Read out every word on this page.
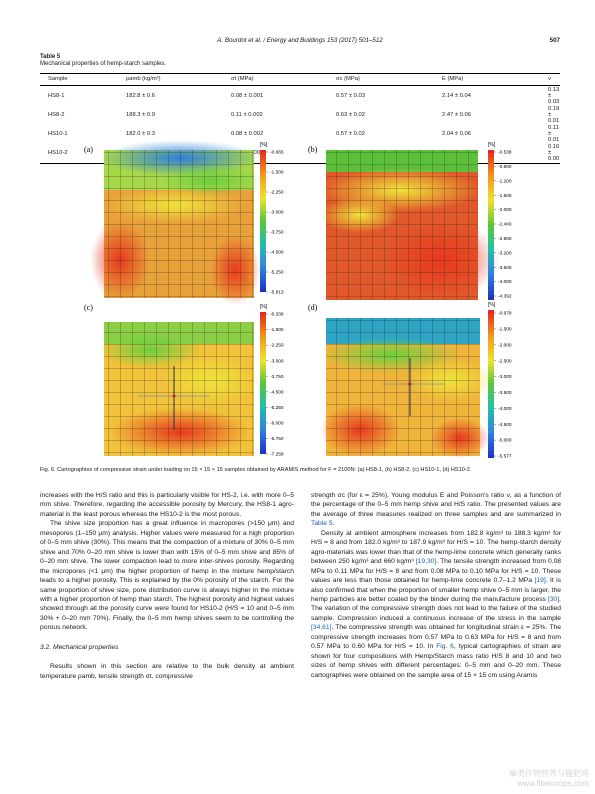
A. Bourdot et al. / Energy and Buildings 153 (2017) 501–512	507
Table 5
Mechanical properties of hemp-starch samples.
Sample	ρamb (kg/m³)	σt (MPa)	σc (MPa)	E (MPa)	ν
HS8-1	182.8 ± 0.6	0.08 ± 0.001	0.57 ± 0.03	2.14 ± 0.04	0.13 ± 0.03
HS8-2	188.3 ± 0.9	0.11 ± 0.002	0.63 ± 0.02	2.47 ± 0.06	0.19 ± 0.01
HS10-1	182.0 ± 0.3	0.08 ± 0.002	0.57 ± 0.02	2.04 ± 0.06	0.11 ± 0.01
HS10-2					0.16 ± 0.00
(a)	[%]
-0.665
-1.500
-2.250
-3.000
-3.750
-4.500
-5.250
-5.813
(b)	[%]
-0.538
-0.800
-1.200
-1.600
-2.000
-2.400
-2.800
-3.200
-3.600
-4.000
-4.392
(c)	[%]
-0.336
-1.500
-2.250
-3.000
-3.750
-4.500
-5.250
-6.000
-6.750
-7.258
(d)	[%]
-0.978
-1.500
-2.000
-2.500
-3.000
-3.500
-4.000
-4.500
-5.000
-5.577
Fig. 6. Cartographies of compressive strain under loading on 15 × 15 × 15 samples obtained by ARAMIS method for F = 2100N: (a) HS8-1, (b) HS8-2, (c) HS10-1, (d) HS10-2.

increases with the H/S ratio and this is particularly visible for HS-2, i.e. with more 0–5 mm shive. Therefore, regarding the accessible porosity by Mercury, the HS8-1 agro-material is the least porous whereas the HS10-2 is the most porous.

The shive size proportion has a great influence in macropores (>150 μm) and mesopores (1–150 μm) analysis. Higher values were measured for a high proportion of 0–5 mm shive (30%). This means that the compaction of a mixture of 30% 0–5 mm shive and 70% 0–20 mm shive is lower than with 15% of 0–5 mm shive and 85% of 0–20 mm shive. The lower compaction lead to more inter-shives porosity. Regarding the micropores (<1 μm) the higher proportion of hemp in the mixture hemp/starch leads to a higher porosity. This is explained by the 0% porosity of the starch. For the same proportion of shive size, pore distribution curve is always higher in the mixture with a higher proportion of hemp than starch. The highest porosity and highest values showed through all the porosity curve were found for HS10-2 (H/S = 10 and 0–5 mm 30% + 0–20 mm 70%). Finally, the 0–5 mm hemp shives seem to be controlling the porous network.

3.2. Mechanical properties

Results shown in this section are relative to the bulk density at ambient temperature ρamb, tensile strength σt, compressive

strength σc (for ε = 25%), Young modulus E and Poisson's ratio ν, as a function of the percentage of the 0–5 mm hemp shive and H/S ratio. The presented values are the average of three measures realized on three samples and are summarized in Table 5.

Density at ambient atmosphere increases from 182.8 kg/m³ to 188.3 kg/m³ for H/S = 8 and from 182.0 kg/m³ to 187.9 kg/m³ for H/S = 10. The hemp-starch density agro-materials was lower than that of the hemp-lime concrete which generally ranks between 250 kg/m³ and 660 kg/m³ [19,30]. The tensile strength increased from 0.08 MPa to 0.11 MPa for H/S = 8 and from 0.08 MPa to 0.10 MPa for H/S = 10. These values are less than those obtained for hemp-lime concrete 0.7–1.2 MPa [19]. It is also confirmed that when the proportion of smaller hemp shive 0–5 mm is larger, the hemp particles are better coated by the binder during the manufacture process [30]. The variation of the compressive strength does not lead to the failure of the studied sample. Compression induced a continuous increase of the stress in the sample [34,61]. The compressive strength was obtained for longitudinal strain ε = 25%. The compressive strength increases from 0.57 MPa to 0.63 MPa for H/S = 8 and from 0.57 MPa to 0.60 MPa for H/S = 10. In Fig. 6, typical cartographies of strain are shown for four compositions with Hemp/Starch mass ratio H/S 8 and 10 and two sizes of hemp shives with different percentages: 0–5 mm and 0–20 mm. These cartographies were obtained on the sample area of 15 × 15 cm using Aramis

麻类作物营养与施肥网
www.fibercrops.com
